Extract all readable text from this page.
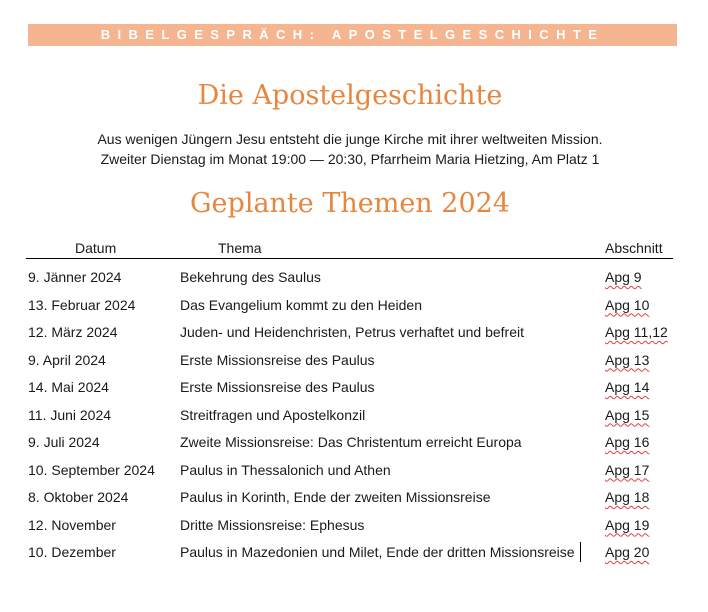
BIBELGESPRÄCH: APOSTELGESCHICHTE
Die Apostelgeschichte
Aus wenigen Jüngern Jesu entsteht die junge Kirche mit ihrer weltweiten Mission.
Zweiter Dienstag im Monat 19:00 — 20:30, Pfarrheim Maria Hietzing, Am Platz 1
Geplante Themen 2024
Datum	Thema	Abschnitt
9. Jänner 2024	Bekehrung des Saulus	Apg 9
13. Februar 2024	Das Evangelium kommt zu den Heiden	Apg 10
12. März 2024	Juden- und Heidenchristen, Petrus verhaftet und befreit	Apg 11,12
9. April 2024	Erste Missionsreise des Paulus	Apg 13
14. Mai 2024	Erste Missionsreise des Paulus	Apg 14
11. Juni 2024	Streitfragen und Apostelkonzil	Apg 15
9. Juli 2024	Zweite Missionsreise: Das Christentum erreicht Europa	Apg 16
10. September 2024 Paulus in Thessalonich und Athen	Apg 17
8. Oktober 2024	Paulus in Korinth, Ende der zweiten Missionsreise	Apg 18
12. November	Dritte Missionsreise: Ephesus	Apg 19
10. Dezember	Paulus in Mazedonien und Milet, Ende der dritten Missionsreise Apg 20
